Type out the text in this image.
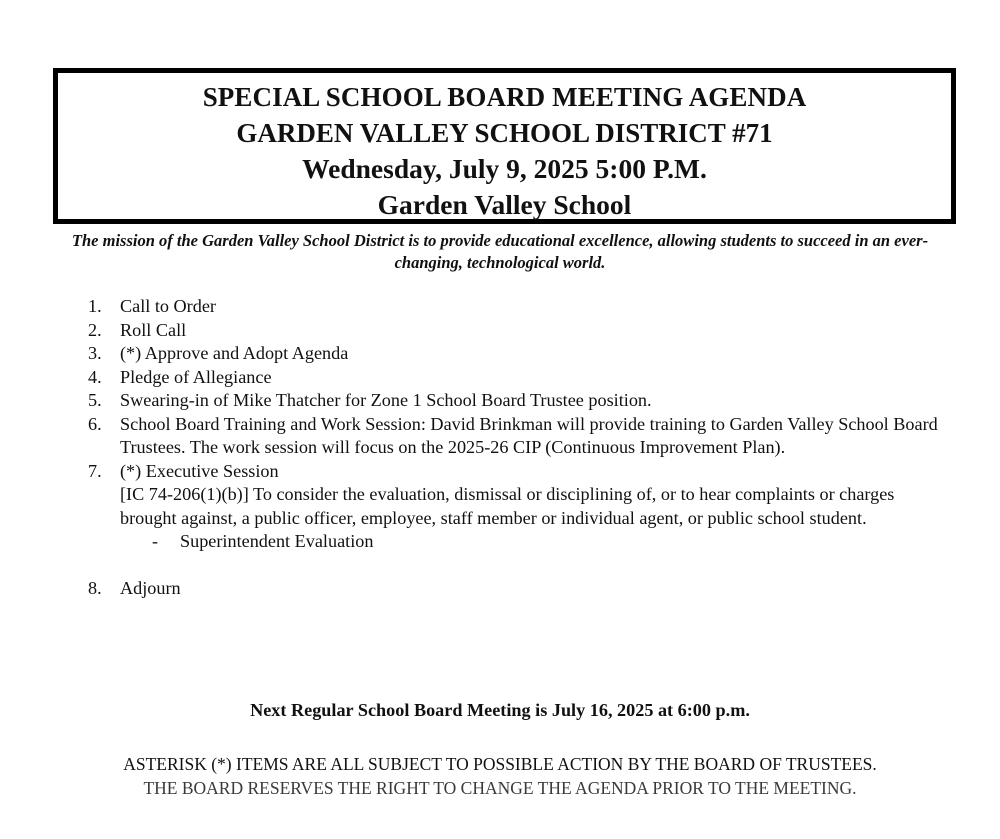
SPECIAL SCHOOL BOARD MEETING AGENDA

GARDEN VALLEY SCHOOL DISTRICT #71

Wednesday, July 9, 2025 5:00 P.M.

Garden Valley School

The mission of the Garden Valley School District is to provide educational excellence, allowing students to succeed in an ever-changing, technological world.

1. Call to Order
2. Roll Call
3. (*) Approve and Adopt Agenda
4. Pledge of Allegiance
5. Swearing-in of Mike Thatcher for Zone 1 School Board Trustee position.
6. School Board Training and Work Session: David Brinkman will provide training to Garden Valley School Board Trustees. The work session will focus on the 2025-26 CIP (Continuous Improvement Plan).
7. (*) Executive Session
[IC 74-206(1)(b)] To consider the evaluation, dismissal or disciplining of, or to hear complaints or charges brought against, a public officer, employee, staff member or individual agent, or public school student.

- Superintendent Evaluation

8. Adjourn

Next Regular School Board Meeting is July 16, 2025 at 6:00 p.m.

ASTERISK (*) ITEMS ARE ALL SUBJECT TO POSSIBLE ACTION BY THE BOARD OF TRUSTEES.
THE BOARD RESERVES THE RIGHT TO CHANGE THE AGENDA PRIOR TO THE MEETING.
